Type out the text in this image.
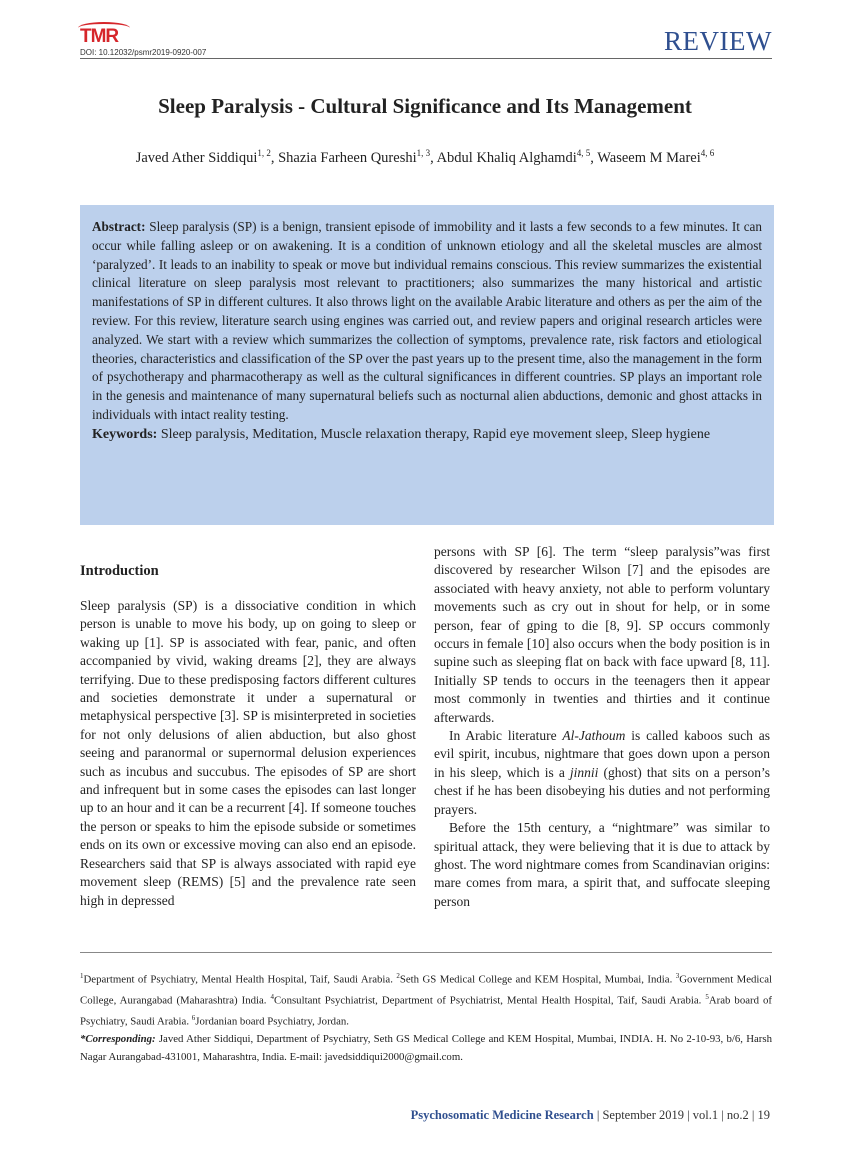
TMR
DOI: 10.12032/psmr2019-0920-007	REVIEW
Sleep Paralysis - Cultural Significance and Its Management
Javed Ather Siddiqui$^{1, 2}$, Shazia Farheen Qureshi$^{1, 3}$, Abdul Khaliq Alghamdi$^{4, 5}$, Waseem M Marei$^{4, 6}$
Abstract: Sleep paralysis (SP) is a benign, transient episode of immobility and it lasts a few seconds to a few minutes. It can occur while falling asleep or on awakening. It is a condition of unknown etiology and all the skeletal muscles are almost ‘paralyzed’. It leads to an inability to speak or move but individual remains conscious. This review summarizes the existential clinical literature on sleep paralysis most relevant to practitioners; also summarizes the many historical and artistic manifestations of SP in different cultures. It also throws light on the available Arabic literature and others as per the aim of the review. For this review, literature search using engines was carried out, and review papers and original research articles were analyzed. We start with a review which summarizes the collection of symptoms, prevalence rate, risk factors and etiological theories, characteristics and classification of the SP over the past years up to the present time, also the management in the form of psychotherapy and pharmacotherapy as well as the cultural significances in different countries. SP plays an important role in the genesis and maintenance of many supernatural beliefs such as nocturnal alien abductions, demonic and ghost attacks in individuals with intact reality testing.
Keywords: Sleep paralysis, Meditation, Muscle relaxation therapy, Rapid eye movement sleep, Sleep hygiene
Introduction

Sleep paralysis (SP) is a dissociative condition in which person is unable to move his body, up on going to sleep or waking up [1]. SP is associated with fear, panic, and often accompanied by vivid, waking dreams [2], they are always terrifying. Due to these predisposing factors different cultures and societies demonstrate it under a supernatural or metaphysical perspective [3]. SP is misinterpreted in societies for not only delusions of alien abduction, but also ghost seeing and paranormal or supernormal delusion experiences such as incubus and succubus. The episodes of SP are short and infrequent but in some cases the episodes can last longer up to an hour and it can be a recurrent [4]. If someone touches the person or speaks to him the episode subside or sometimes ends on its own or excessive moving can also end an episode. Researchers said that SP is always associated with rapid eye movement sleep (REMS) [5] and the prevalence rate seen high in depressed

persons with SP [6]. The term “sleep paralysis”was first discovered by researcher Wilson [7] and the episodes are associated with heavy anxiety, not able to perform voluntary movements such as cry out in shout for help, or in some person, fear of gping to die [8, 9]. SP occurs commonly occurs in female [10] also occurs when the body position is in supine such as sleeping flat on back with face upward [8, 11]. Initially SP tends to occurs in the teenagers then it appear most commonly in twenties and thirties and it continue afterwards.

In Arabic literature Al-Jathoum is called kaboos such as evil spirit, incubus, nightmare that goes down upon a person in his sleep, which is a jinnii (ghost) that sits on a person’s chest if he has been disobeying his duties and not performing prayers.

Before the 15th century, a “nightmare” was similar to spiritual attack, they were believing that it is due to attack by ghost. The word nightmare comes from Scandinavian origins: mare comes from mara, a spirit that, and suffocate sleeping person

$^1$Department of Psychiatry, Mental Health Hospital, Taif, Saudi Arabia. $^2$Seth GS Medical College and KEM Hospital, Mumbai, India. $^3$Government Medical College, Aurangabad (Maharashtra) India. $^4$Consultant Psychiatrist, Department of Psychiatrist, Mental Health Hospital, Taif, Saudi Arabia. $^5$Arab board of Psychiatry, Saudi Arabia. $^6$Jordanian board Psychiatry, Jordan.
*Corresponding: Javed Ather Siddiqui, Department of Psychiatry, Seth GS Medical College and KEM Hospital, Mumbai, INDIA. H. No 2-10-93, b/6, Harsh Nagar Aurangabad-431001, Maharashtra, India. E-mail: javedsiddiqui2000@gmail.com.
Psychosomatic Medicine Research | September 2019 | vol.1 | no.2 | 19
